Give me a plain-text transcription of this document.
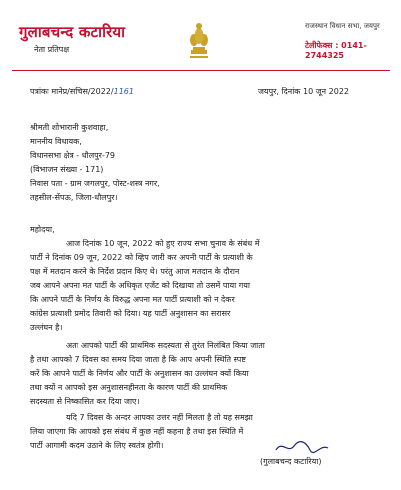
गुलाबचन्द कटारिया
नेता प्रतिपक्ष
राजस्थान विधान सभा, जयपुर
टेलीफेक्स : 0141-2744325
पत्रांकः मानेप्र/सचिस/2022/1161	जयपुर, दिनांक 10 जून 2022
श्रीमती शोभारानी कुशवाहा,
माननीय विधायक,
विधानसभा क्षेत्र - धौलपुर-79
(विभाजन संख्या - 171)
निवास पता - ग्राम जगलपुर, पोस्ट-शस्त्र नगर,
तहसील-सेंपऊ, जिला-धौलपुर।
महोदया,
आज दिनांक 10 जून, 2022 को हुए राज्य सभा चुनाव के संबंध में
पार्टी ने दिनांक 09 जून, 2022 को व्हिप जारी कर अपनी पार्टी के प्रत्याशी के
पक्ष में मतदान करने के निर्देश प्रदान किए थे। परंतु आज मतदान के दौरान
जब आपने अपना मत पार्टी के अधिकृत एजेंट को दिखाया तो उसमें पाया गया
कि आपने पार्टी के निर्णय के विरुद्ध अपना मत पार्टी प्रत्याशी को न देकर
कांग्रेस प्रत्याशी प्रमोद तिवारी को दिया। यह पार्टी अनुशासन का सरासर
उल्लंघन है।
अतः आपको पार्टी की प्राथमिक सदस्यता से तुरंत निलंबित किया जाता
है तथा आपको 7 दिवस का समय दिया जाता है कि आप अपनी स्थिति स्पष्ट
करें कि आपने पार्टी के निर्णय और पार्टी के अनुशासन का उल्लंघन क्यों किया
तथा क्यों न आपको इस अनुशासनहीनता के कारण पार्टी की प्राथमिक
सदस्यता से निष्कासित कर दिया जाए।
यदि 7 दिवस के अन्दर आपका उत्तर नहीं मिलता है तो यह समझा
लिया जाएगा कि आपको इस संबंध में कुछ नहीं कहना है तथा इस स्थिति में
पार्टी आगामी कदम उठाने के लिए स्वतंत्र होगी।
(गुलाबचन्द कटारिया)
